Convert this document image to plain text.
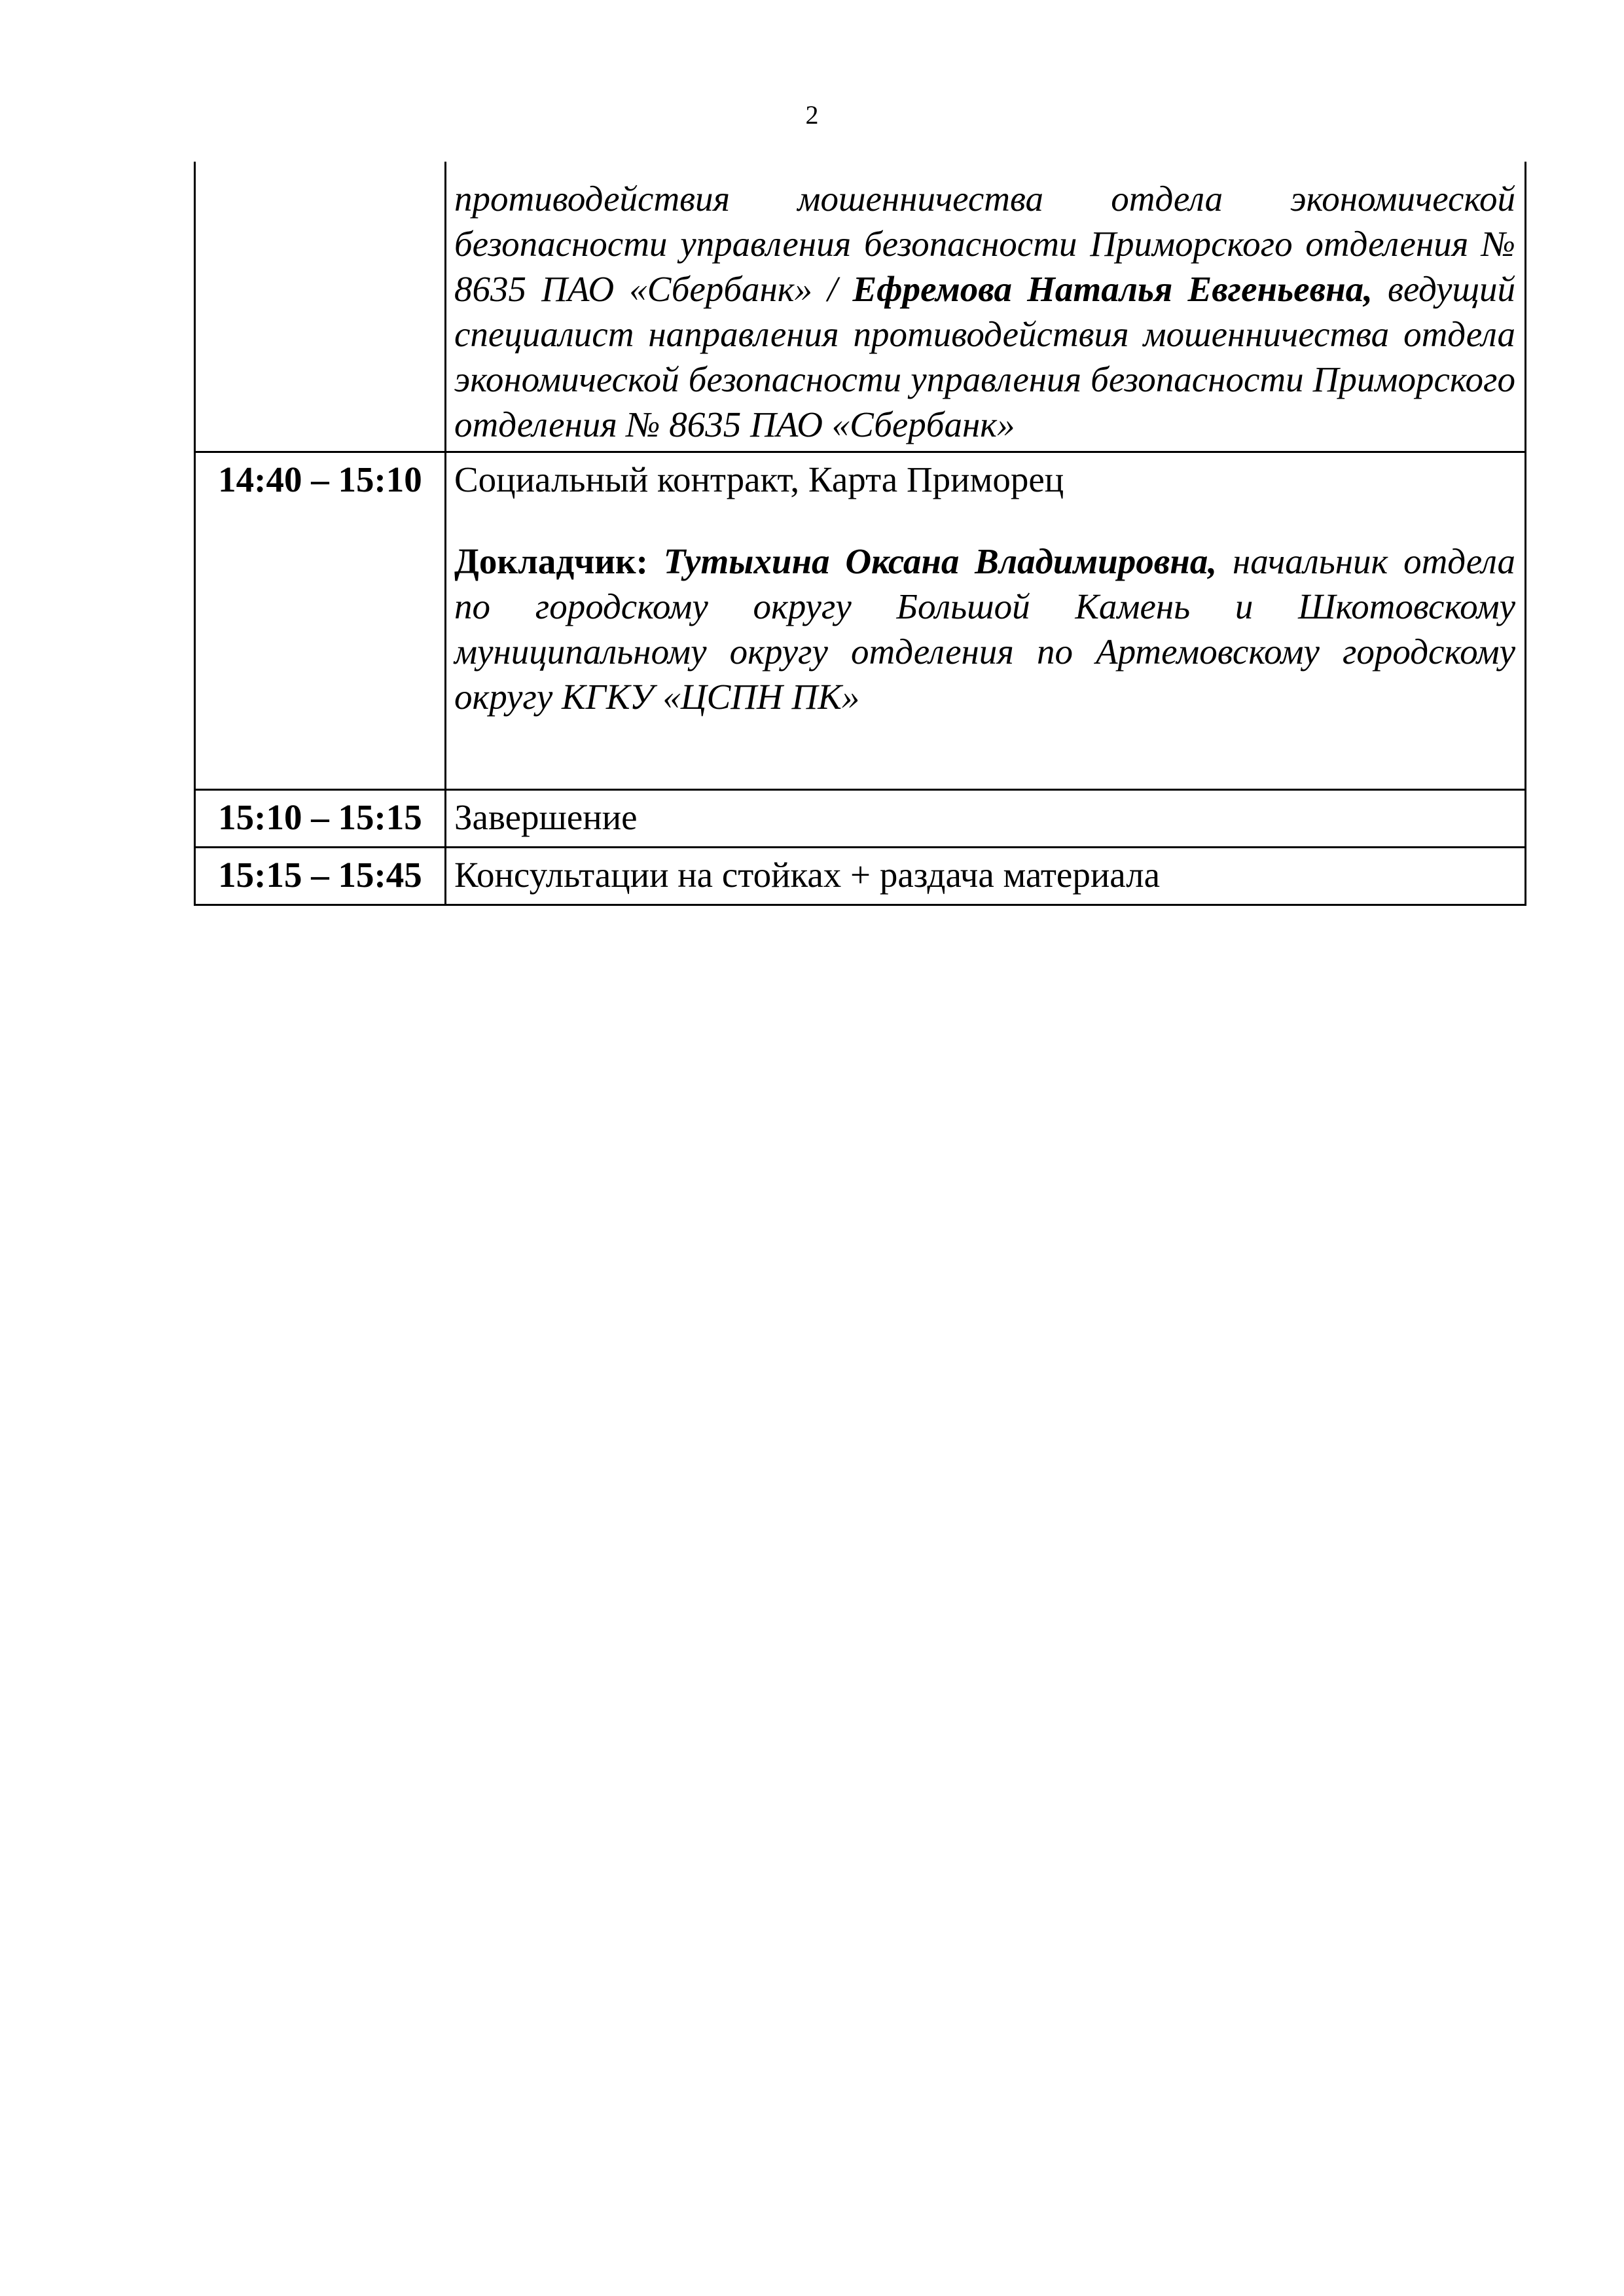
2
	противодействия мошенничества отдела экономической безопасности управления безопасности Приморского отделения № 8635 ПАО «Сбербанк» / Ефремова Наталья Евгеньевна, ведущий специалист направления противодействия мошенничества отдела экономической безопасности управления безопасности Приморского отделения № 8635 ПАО «Сбербанк»
14:40 – 15:10	Социальный контракт, Карта Приморец
Докладчик: Тутыхина Оксана Владимировна, начальник отдела по городскому округу Большой Камень и Шкотовскому муниципальному округу отделения по Артемовскому городскому округу КГКУ «ЦСПН ПК»

15:10 – 15:15	Завершение
15:15 – 15:45	Консультации на стойках + раздача материала
